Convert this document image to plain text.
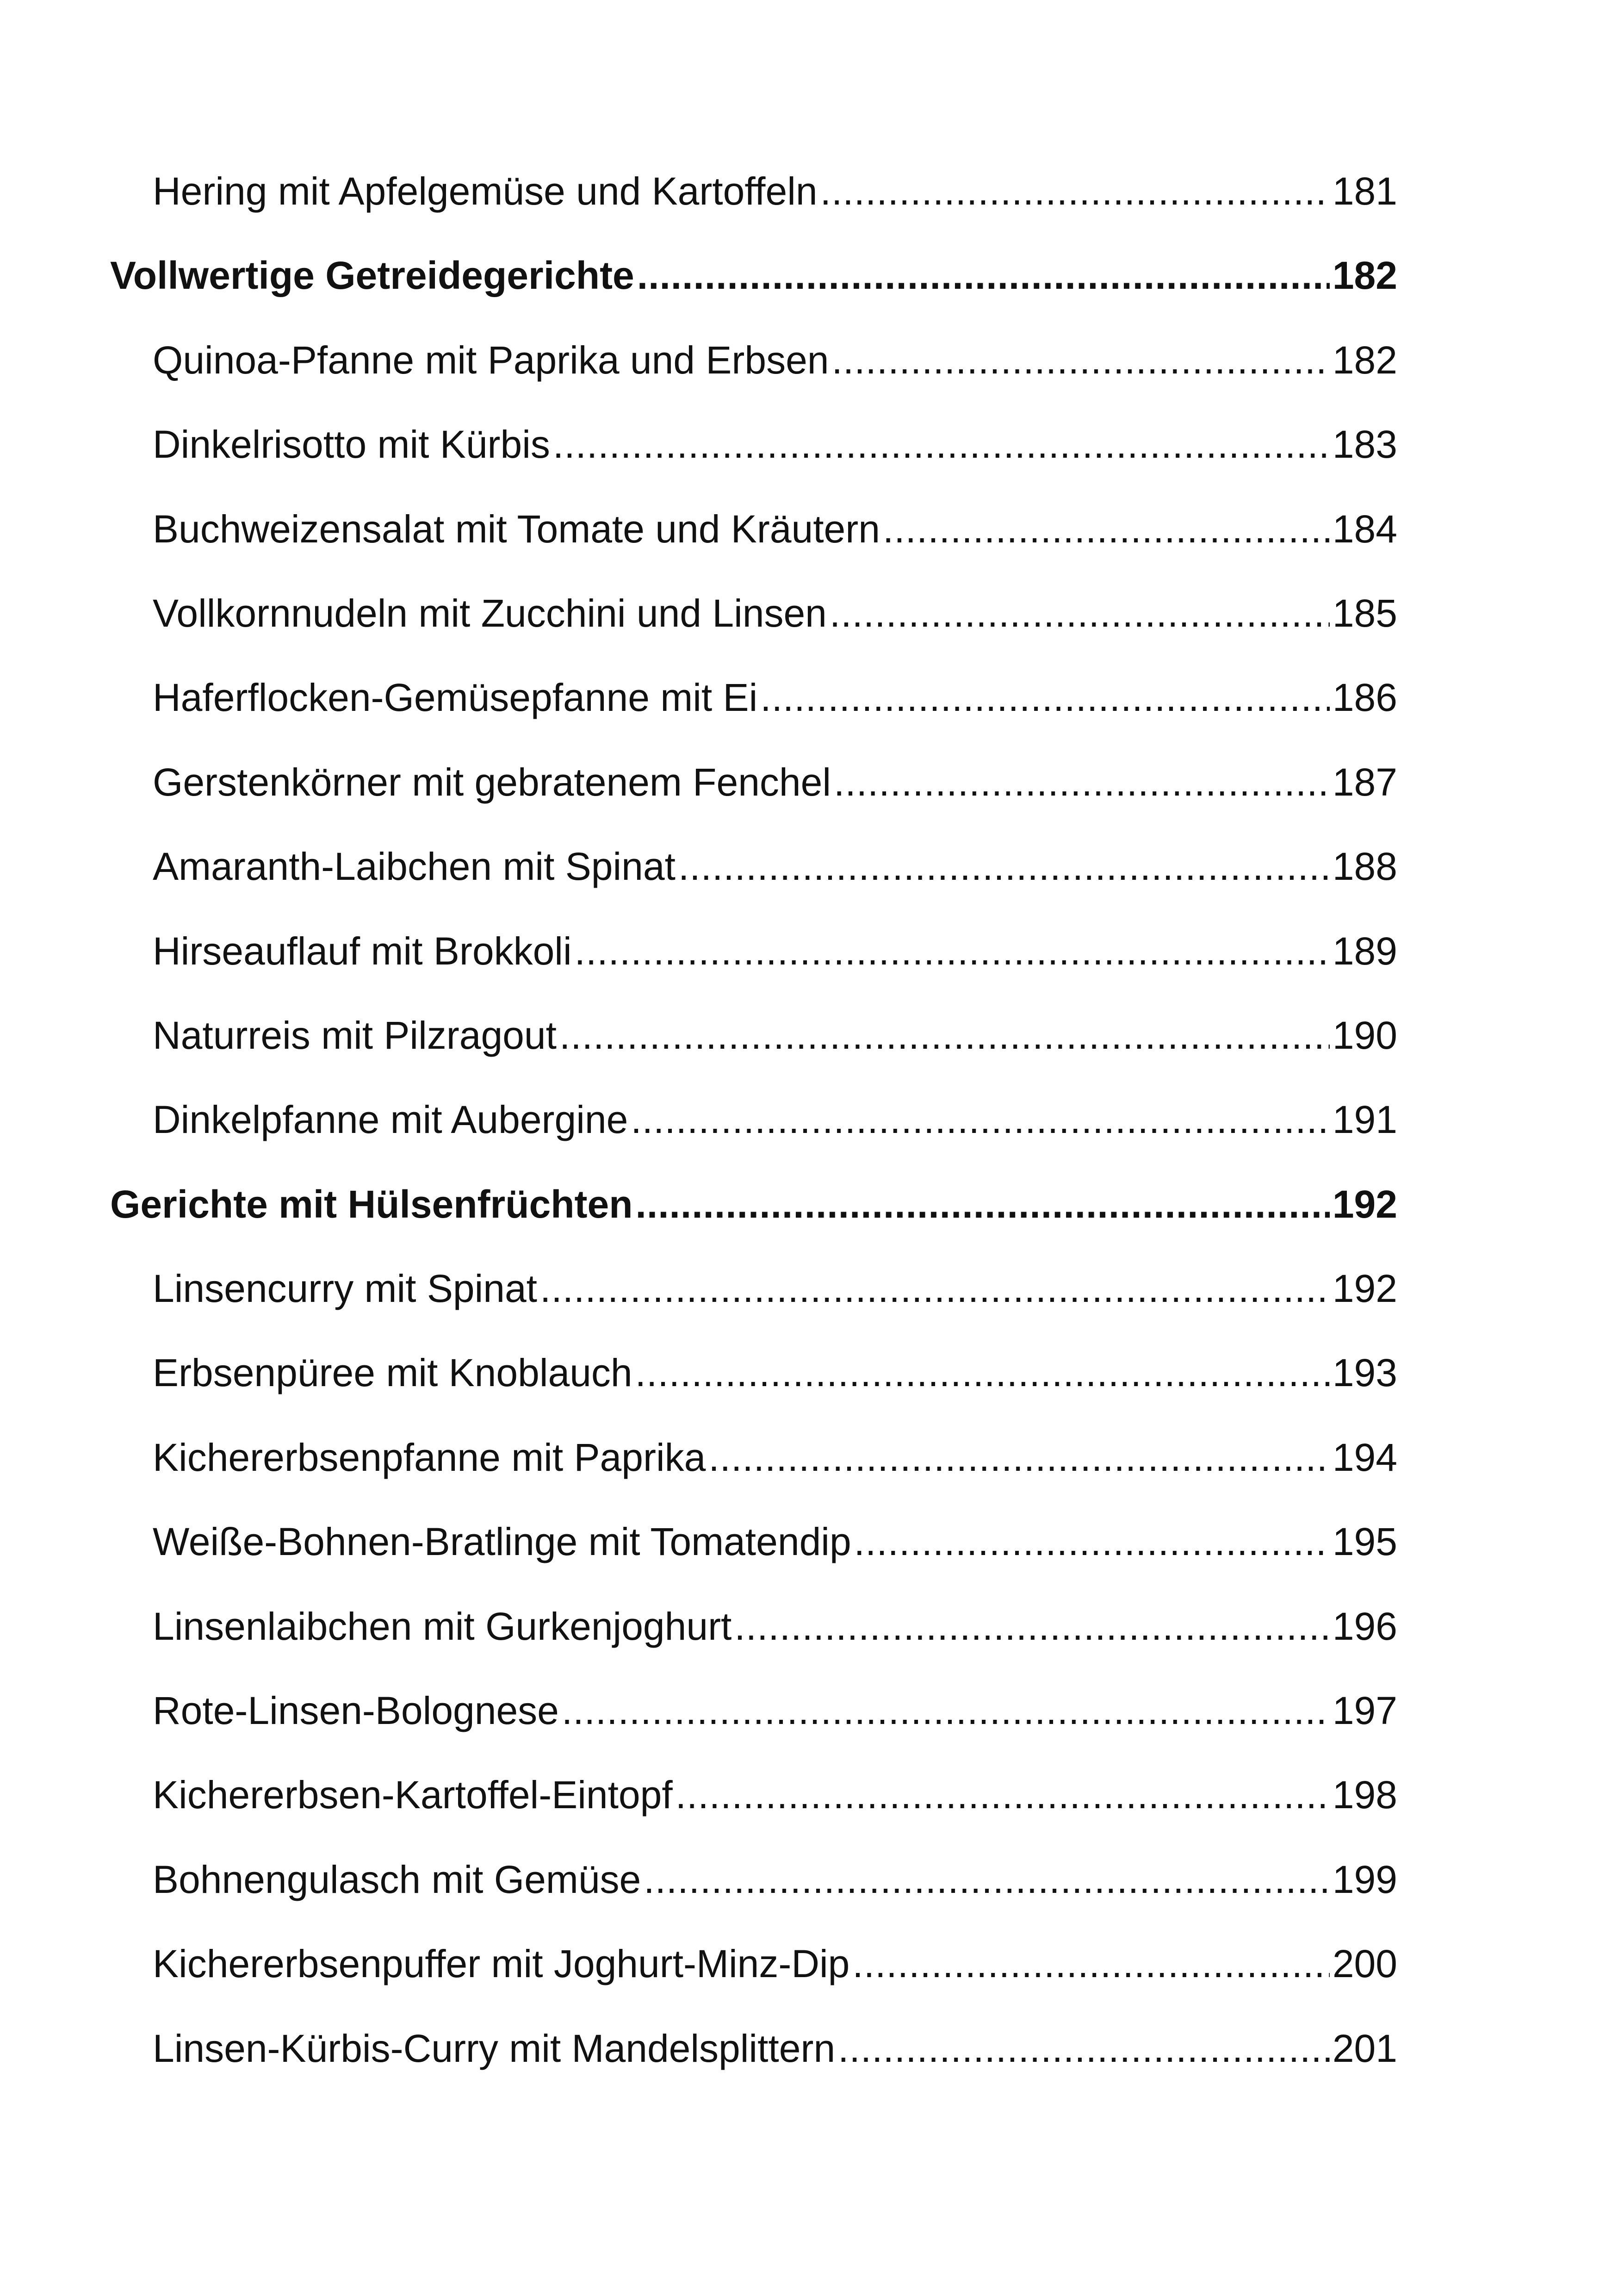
Hering mit Apfelgemüse und Kartoffeln .....	181
Vollwertige Getreidegerichte .....	182
Quinoa-Pfanne mit Paprika und Erbsen .....	182
Dinkelrisotto mit Kürbis .....	183
Buchweizensalat mit Tomate und Kräutern .....	184
Vollkornnudeln mit Zucchini und Linsen .....	185
Haferflocken-Gemüsepfanne mit Ei .....	186
Gerstenkörner mit gebratenem Fenchel .....	187
Amaranth-Laibchen mit Spinat .....	188
Hirseauflauf mit Brokkoli .....	189
Naturreis mit Pilzragout .....	190
Dinkelpfanne mit Aubergine .....	191
Gerichte mit Hülsenfrüchten .....	192
Linsencurry mit Spinat .....	192
Erbsenpüree mit Knoblauch .....	193
Kichererbsenpfanne mit Paprika .....	194
Weiße-Bohnen-Bratlinge mit Tomatendip .....	195
Linsenlaibchen mit Gurkenjoghurt .....	196
Rote-Linsen-Bolognese .....	197
Kichererbsen-Kartoffel-Eintopf .....	198
Bohnengulasch mit Gemüse .....	199
Kichererbsenpuffer mit Joghurt-Minz-Dip .....	200
Linsen-Kürbis-Curry mit Mandelsplittern .....	201
